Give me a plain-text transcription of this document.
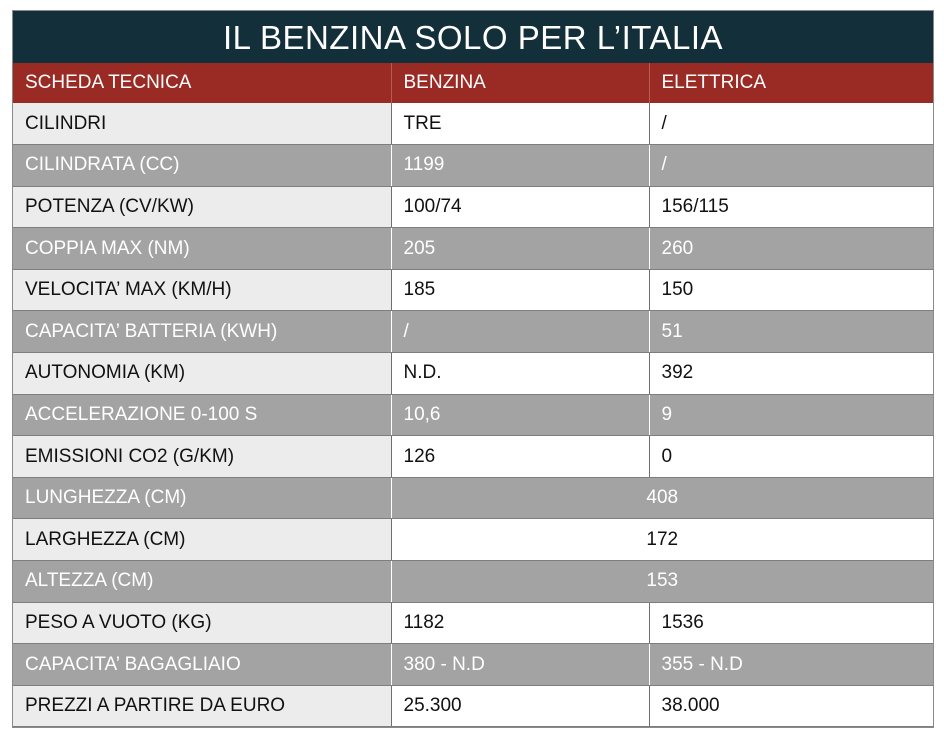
IL BENZINA SOLO PER L’ITALIA
SCHEDA TECNICA	BENZINA	ELETTRICA
CILINDRI	TRE	/
CILINDRATA (CC)	1199	/
POTENZA (CV/KW)	100/74	156/115
COPPIA MAX (NM)	205	260
VELOCITA’ MAX (KM/H)	185	150
CAPACITA’ BATTERIA (KWH)	/	51
AUTONOMIA (KM)	N.D.	392
ACCELERAZIONE 0-100 S	10,6	9
EMISSIONI CO2 (G/KM)	126	0
LUNGHEZZA (CM)	408	
LARGHEZZA (CM)	172	
ALTEZZA (CM)	153	
PESO A VUOTO (KG)	1182	1536
CAPACITA’ BAGAGLIAIO	380 - N.D	355 - N.D
PREZZI A PARTIRE DA EURO	25.300	38.000
